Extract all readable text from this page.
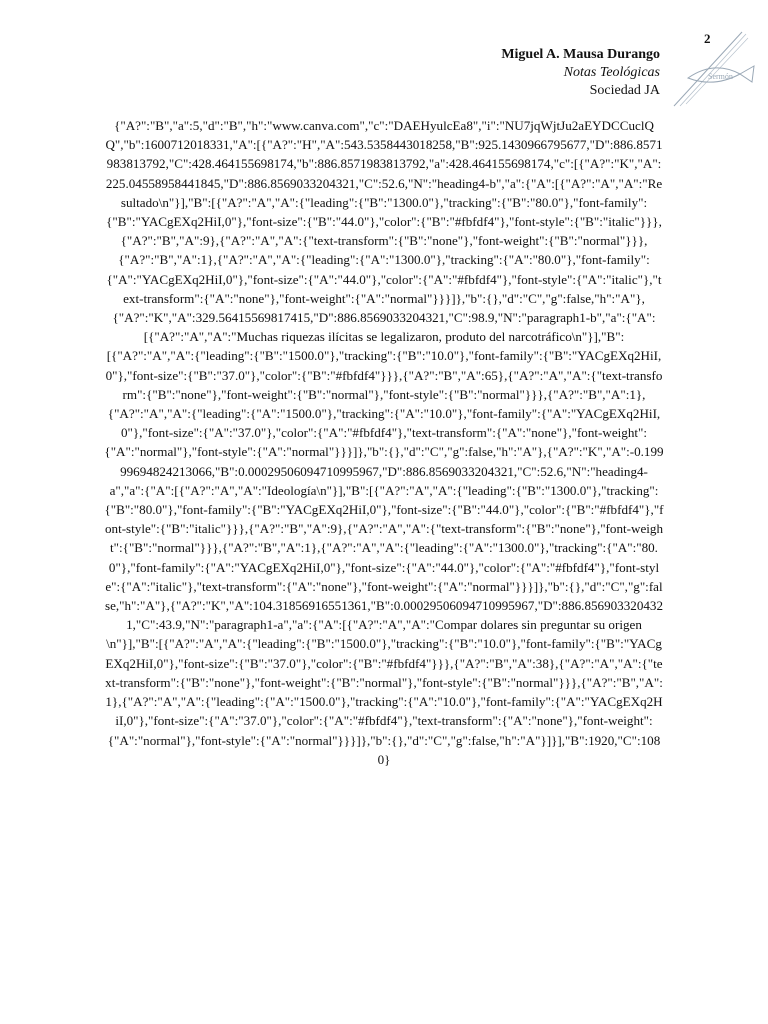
2
Miguel A. Mausa Durango
Notas Teológicas
Sociedad JA
Sermón
{"A?":"B","a":5,"d":"B","h":"www.canva.com","c":"DAEHyulcEa8","i":"NU7jqWjtJu2aEYDCCuclQQ","b":1600712018331,"A":[{"A?":"H","A":543.5358443018258,"B":925.1430966795677,"D":886.8571983813792,"C":428.464155698174,"b":886.8571983813792,"a":428.464155698174,"c":[{"A?":"K","A":225.04558958441845,"D":886.8569033204321,"C":52.6,"N":"heading4-b","a":{"A":[{"A?":"A","A":"Resultado\n"}],"B":[{"A?":"A","A":{"leading":{"B":"1300.0"},"tracking":{"B":"80.0"},"font-family":{"B":"YACgEXq2HiI,0"},"font-size":{"B":"44.0"},"color":{"B":"#fbfdf4"},"font-style":{"B":"italic"}}},{"A?":"B","A":9},{"A?":"A","A":{"text-transform":{"B":"none"},"font-weight":{"B":"normal"}}},{"A?":"B","A":1},{"A?":"A","A":{"leading":{"A":"1300.0"},"tracking":{"A":"80.0"},"font-family":{"A":"YACgEXq2HiI,0"},"font-size":{"A":"44.0"},"color":{"A":"#fbfdf4"},"font-style":{"A":"italic"},"text-transform":{"A":"none"},"font-weight":{"A":"normal"}}}]},"b":{},"d":"C","g":false,"h":"A"},{"A?":"K","A":329.56415569817415,"D":886.8569033204321,"C":98.9,"N":"paragraph1-b","a":{"A":[{"A?":"A","A":"Muchas riquezas ilícitas se legalizaron, produto del narcotráfico\n"}],"B":[{"A?":"A","A":{"leading":{"B":"1500.0"},"tracking":{"B":"10.0"},"font-family":{"B":"YACgEXq2HiI,0"},"font-size":{"B":"37.0"},"color":{"B":"#fbfdf4"}}},{"A?":"B","A":65},{"A?":"A","A":{"text-transform":{"B":"none"},"font-weight":{"B":"normal"},"font-style":{"B":"normal"}}},{"A?":"B","A":1},{"A?":"A","A":{"leading":{"A":"1500.0"},"tracking":{"A":"10.0"},"font-family":{"A":"YACgEXq2HiI,0"},"font-size":{"A":"37.0"},"color":{"A":"#fbfdf4"},"text-transform":{"A":"none"},"font-weight":{"A":"normal"},"font-style":{"A":"normal"}}}]},"b":{},"d":"C","g":false,"h":"A"},{"A?":"K","A":-0.19999694824213066,"B":0.00029506094710995967,"D":886.8569033204321,"C":52.6,"N":"heading4-a","a":{"A":[{"A?":"A","A":"Ideología\n"}],"B":[{"A?":"A","A":{"leading":{"B":"1300.0"},"tracking":{"B":"80.0"},"font-family":{"B":"YACgEXq2HiI,0"},"font-size":{"B":"44.0"},"color":{"B":"#fbfdf4"},"font-style":{"B":"italic"}}},{"A?":"B","A":9},{"A?":"A","A":{"text-transform":{"B":"none"},"font-weight":{"B":"normal"}}},{"A?":"B","A":1},{"A?":"A","A":{"leading":{"A":"1300.0"},"tracking":{"A":"80.0"},"font-family":{"A":"YACgEXq2HiI,0"},"font-size":{"A":"44.0"},"color":{"A":"#fbfdf4"},"font-style":{"A":"italic"},"text-transform":{"A":"none"},"font-weight":{"A":"normal"}}}]},"b":{},"d":"C","g":false,"h":"A"},{"A?":"K","A":104.31856916551361,"B":0.00029506094710995967,"D":886.8569033204321,"C":43.9,"N":"paragraph1-a","a":{"A":[{"A?":"A","A":"Compar dolares sin preguntar su origen\n"}],"B":[{"A?":"A","A":{"leading":{"B":"1500.0"},"tracking":{"B":"10.0"},"font-family":{"B":"YACgEXq2HiI,0"},"font-size":{"B":"37.0"},"color":{"B":"#fbfdf4"}}},{"A?":"B","A":38},{"A?":"A","A":{"text-transform":{"B":"none"},"font-weight":{"B":"normal"},"font-style":{"B":"normal"}}},{"A?":"B","A":1},{"A?":"A","A":{"leading":{"A":"1500.0"},"tracking":{"A":"10.0"},"font-family":{"A":"YACgEXq2HiI,0"},"font-size":{"A":"37.0"},"color":{"A":"#fbfdf4"},"text-transform":{"A":"none"},"font-weight":{"A":"normal"},"font-style":{"A":"normal"}}}]},"b":{},"d":"C","g":false,"h":"A"}]}],"B":1920,"C":1080}
